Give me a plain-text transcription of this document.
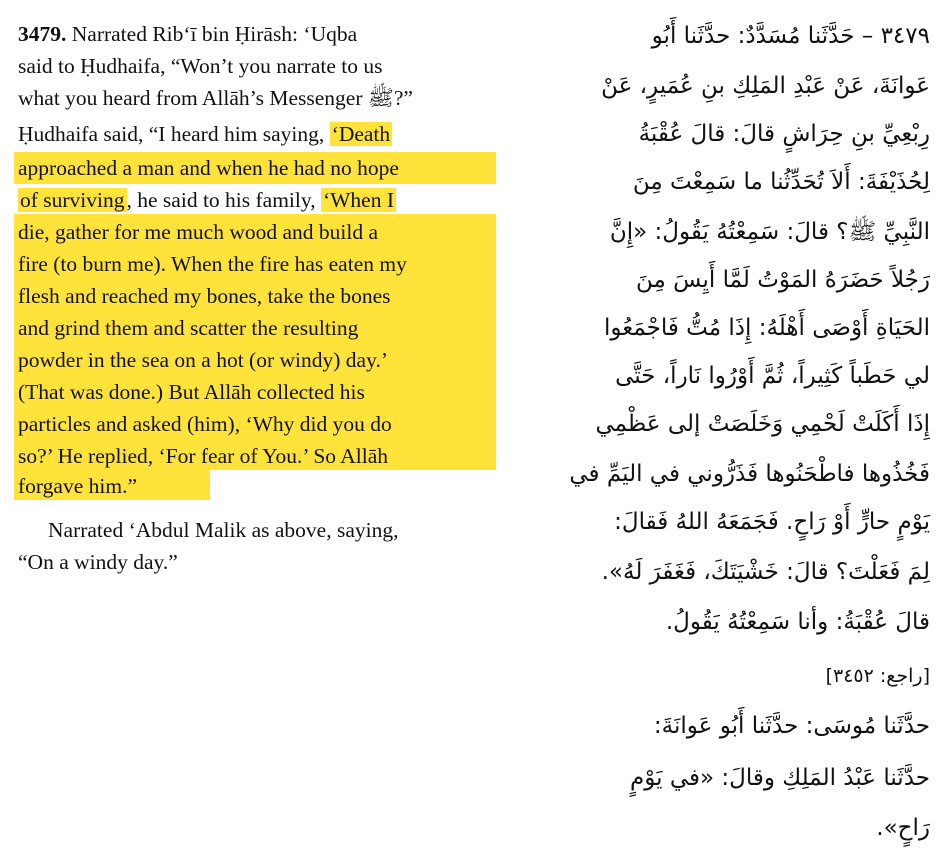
3479. Narrated Rib‘ī bin Ḥirāsh: ‘Uqba
said to Ḥudhaifa, “Won’t you narrate to us
what you heard from Allāh’s Messenger ﷺ?”
Ḥudhaifa said, “I heard him saying, ‘Death
approached a man and when he had no hope
of surviving, he said to his family, ‘When I
die, gather for me much wood and build a
fire (to burn me). When the fire has eaten my
flesh and reached my bones, take the bones
and grind them and scatter the resulting
powder in the sea on a hot (or windy) day.’
(That was done.) But Allāh collected his
particles and asked (him), ‘Why did you do
so?’ He replied, ‘For fear of You.’ So Allāh
forgave him.”
Narrated ‘Abdul Malik as above, saying,
“On a windy day.”
٣٤٧٩ – حَدَّثَنا مُسَدَّدٌ: حدَّثَنا أَبُو
عَوانَةَ، عَنْ عَبْدِ المَلِكِ بنِ عُمَيرٍ، عَنْ
رِبْعِيِّ بنِ حِرَاشٍ قالَ: قالَ عُقْبَةُ
لِحُذَيْفَةَ: أَلاَ تُحَدِّثُنا ما سَمِعْتَ مِنَ
النَّبِيِّ ﷺ؟ قالَ: سَمِعْتُهُ يَقُولُ: «إِنَّ
رَجُلاً حَضَرَهُ المَوْتُ لَمَّا أَيِسَ مِنَ
الحَيَاةِ أَوْصَى أَهْلَهُ: إِذَا مُتُّ فَاجْمَعُوا
لي حَطَباً كَثِيراً، ثُمَّ أَوْرُوا نَاراً، حَتَّى
إِذَا أَكَلَتْ لَحْمِي وَخَلَصَتْ إلى عَظْمِي
فَخُذُوها فاطْحَنُوها فَذَرُّوني في اليَمِّ في
يَوْمٍ حارٍّ أَوْ رَاحٍ. فَجَمَعَهُ اللهُ فَقالَ:
لِمَ فَعَلْتَ؟ قالَ: خَشْيَتَكَ، فَغَفَرَ لَهُ».
قالَ عُقْبَةُ: وأنا سَمِعْتُهُ يَقُولُ.
[راجع: ٣٤٥٢]
حدَّثَنا مُوسَى: حدَّثَنا أَبُو عَوانَةَ:
حدَّثَنا عَبْدُ المَلِكِ وقالَ: «في يَوْمٍ
رَاحٍ».
